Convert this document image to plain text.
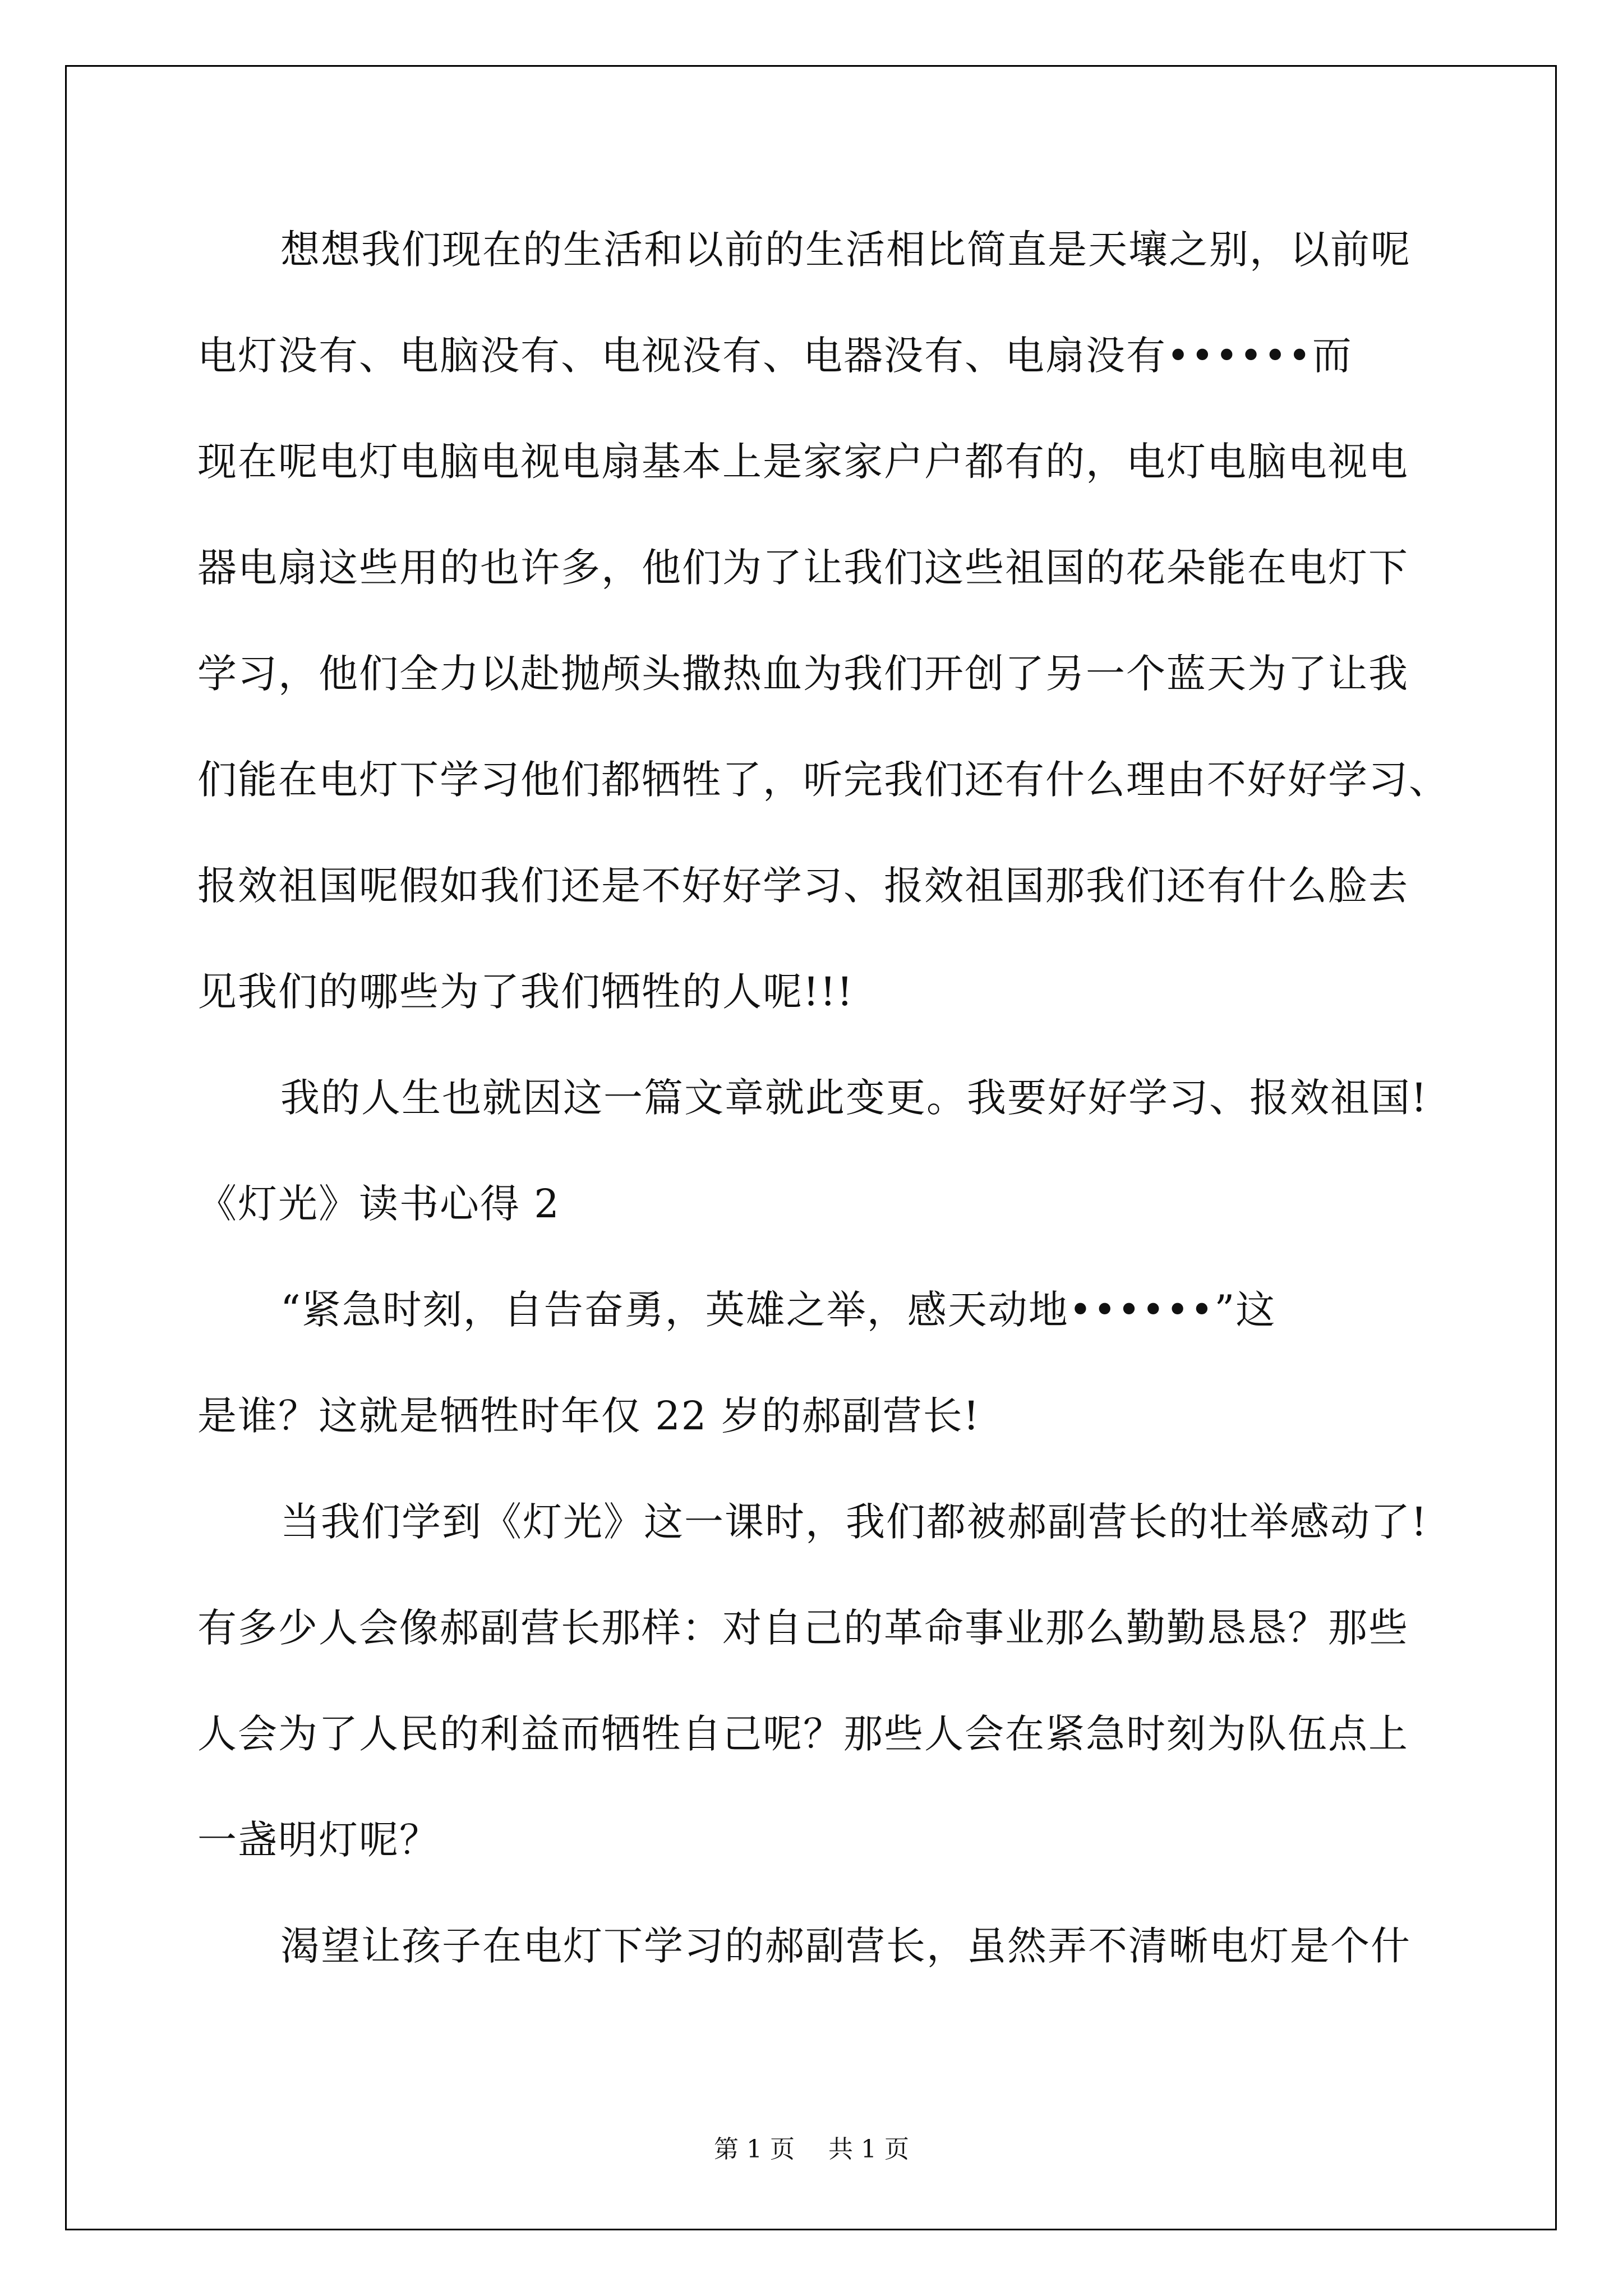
想想我们现在的生活和以前的生活相比简直是天壤之别，以前呢
电灯没有、电脑没有、电视没有、电器没有、电扇没有••••••而
现在呢电灯电脑电视电扇基本上是家家户户都有的，电灯电脑电视电
器电扇这些用的也许多，他们为了让我们这些祖国的花朵能在电灯下
学习，他们全力以赴抛颅头撒热血为我们开创了另一个蓝天为了让我
们能在电灯下学习他们都牺牲了，听完我们还有什么理由不好好学习、
报效祖国呢假如我们还是不好好学习、报效祖国那我们还有什么脸去
见我们的哪些为了我们牺牲的人呢!!!
我的人生也就因这一篇文章就此变更。我要好好学习、报效祖国!
《灯光》读书心得 2
“紧急时刻，自告奋勇，英雄之举，感天动地••••••”这
是谁？这就是牺牲时年仅 22 岁的郝副营长!
当我们学到《灯光》这一课时，我们都被郝副营长的壮举感动了!
有多少人会像郝副营长那样：对自己的革命事业那么勤勤恳恳？那些
人会为了人民的利益而牺牲自己呢？那些人会在紧急时刻为队伍点上
一盏明灯呢？
渴望让孩子在电灯下学习的郝副营长，虽然弄不清晰电灯是个什
第 1 页 共 1 页
